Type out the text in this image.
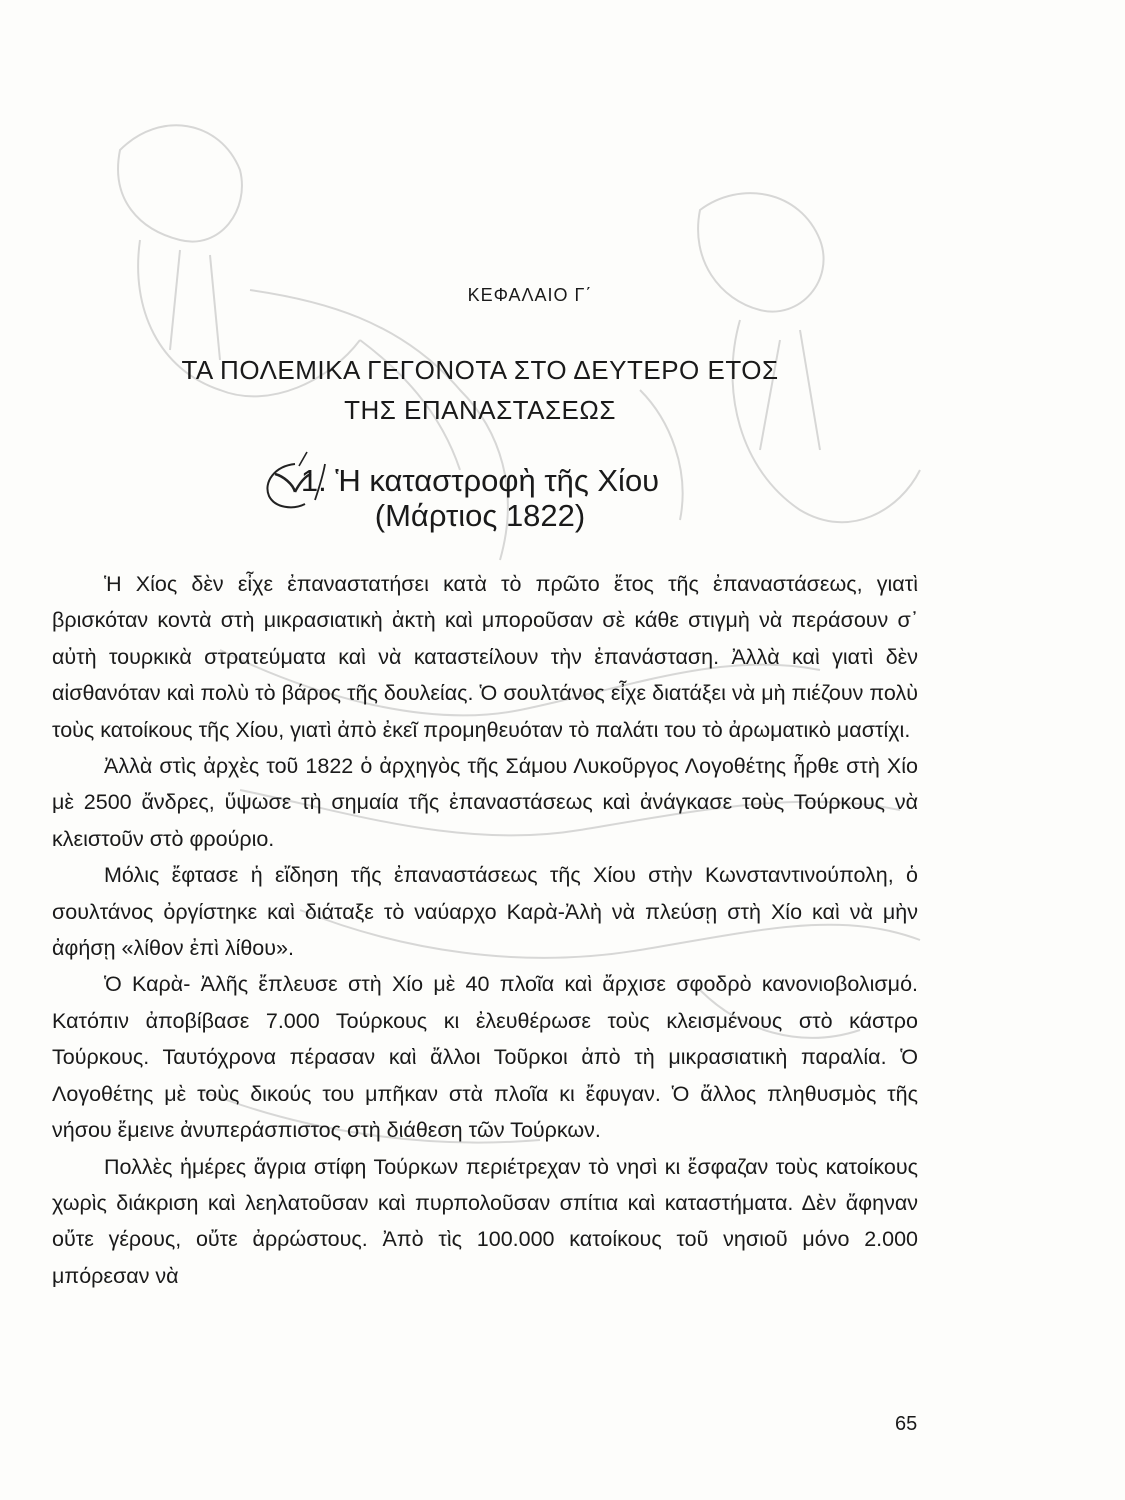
ΚΕΦΑΛΑΙΟ Γ΄
ΤΑ ΠΟΛΕΜΙΚΑ ΓΕΓΟΝΟΤΑ ΣΤΟ ΔΕΥΤΕΡΟ ΕΤΟΣ
ΤΗΣ ΕΠΑΝΑΣΤΑΣΕΩΣ
1. Ἡ καταστροφὴ τῆς Χίου
(Μάρτιος 1822)

Ἡ Χίος δὲν εἶχε ἐπαναστατήσει κατὰ τὸ πρῶτο ἔτος τῆς ἐπαναστάσεως, γιατὶ βρισκόταν κοντὰ στὴ μικρασιατικὴ ἀκτὴ καὶ μποροῦσαν σὲ κάθε στιγμὴ νὰ περάσουν σ᾽ αὐτὴ τουρκικὰ στρατεύματα καὶ νὰ καταστείλουν τὴν ἐπανάσταση. Ἀλλὰ καὶ γιατὶ δὲν αἰσθανόταν καὶ πολὺ τὸ βάρος τῆς δουλείας. Ὁ σουλτάνος εἶχε διατάξει νὰ μὴ πιέζουν πολὺ τοὺς κατοίκους τῆς Χίου, γιατὶ ἀπὸ ἐκεῖ προμηθευόταν τὸ παλάτι του τὸ ἀρωματικὸ μαστίχι.

Ἀλλὰ στὶς ἀρχὲς τοῦ 1822 ὁ ἀρχηγὸς τῆς Σάμου Λυκοῦργος Λογοθέτης ἦρθε στὴ Χίο μὲ 2500 ἄνδρες, ὕψωσε τὴ σημαία τῆς ἐπαναστάσεως καὶ ἀνάγκασε τοὺς Τούρκους νὰ κλειστοῦν στὸ φρούριο.

Μόλις ἔφτασε ἡ εἴδηση τῆς ἐπαναστάσεως τῆς Χίου στὴν Κωνσταντινούπολη, ὁ σουλτάνος ὀργίστηκε καὶ διάταξε τὸ ναύαρχο Καρὰ-Ἀλὴ νὰ πλεύσῃ στὴ Χίο καὶ νὰ μὴν ἀφήσῃ «λίθον ἐπὶ λίθου».

Ὁ Καρὰ- Ἀλῆς ἔπλευσε στὴ Χίο μὲ 40 πλοῖα καὶ ἄρχισε σφοδρὸ κανονιοβολισμό. Κατόπιν ἀποβίβασε 7.000 Τούρκους κι ἐλευθέρωσε τοὺς κλεισμένους στὸ κάστρο Τούρκους. Ταυτόχρονα πέρασαν καὶ ἄλλοι Τοῦρκοι ἀπὸ τὴ μικρασιατικὴ παραλία. Ὁ Λογοθέτης μὲ τοὺς δικούς του μπῆκαν στὰ πλοῖα κι ἔφυγαν. Ὁ ἄλλος πληθυσμὸς τῆς νήσου ἔμεινε ἀνυπεράσπιστος στὴ διάθεση τῶν Τούρκων.

Πολλὲς ἡμέρες ἄγρια στίφη Τούρκων περιέτρεχαν τὸ νησὶ κι ἔσφαζαν τοὺς κατοίκους χωρὶς διάκριση καὶ λεηλατοῦσαν καὶ πυρπολοῦσαν σπίτια καὶ καταστήματα. Δὲν ἄφηναν οὔτε γέρους, οὔτε ἀρρώστους. Ἀπὸ τὶς 100.000 κατοίκους τοῦ νησιοῦ μόνο 2.000 μπόρεσαν νὰ

65
